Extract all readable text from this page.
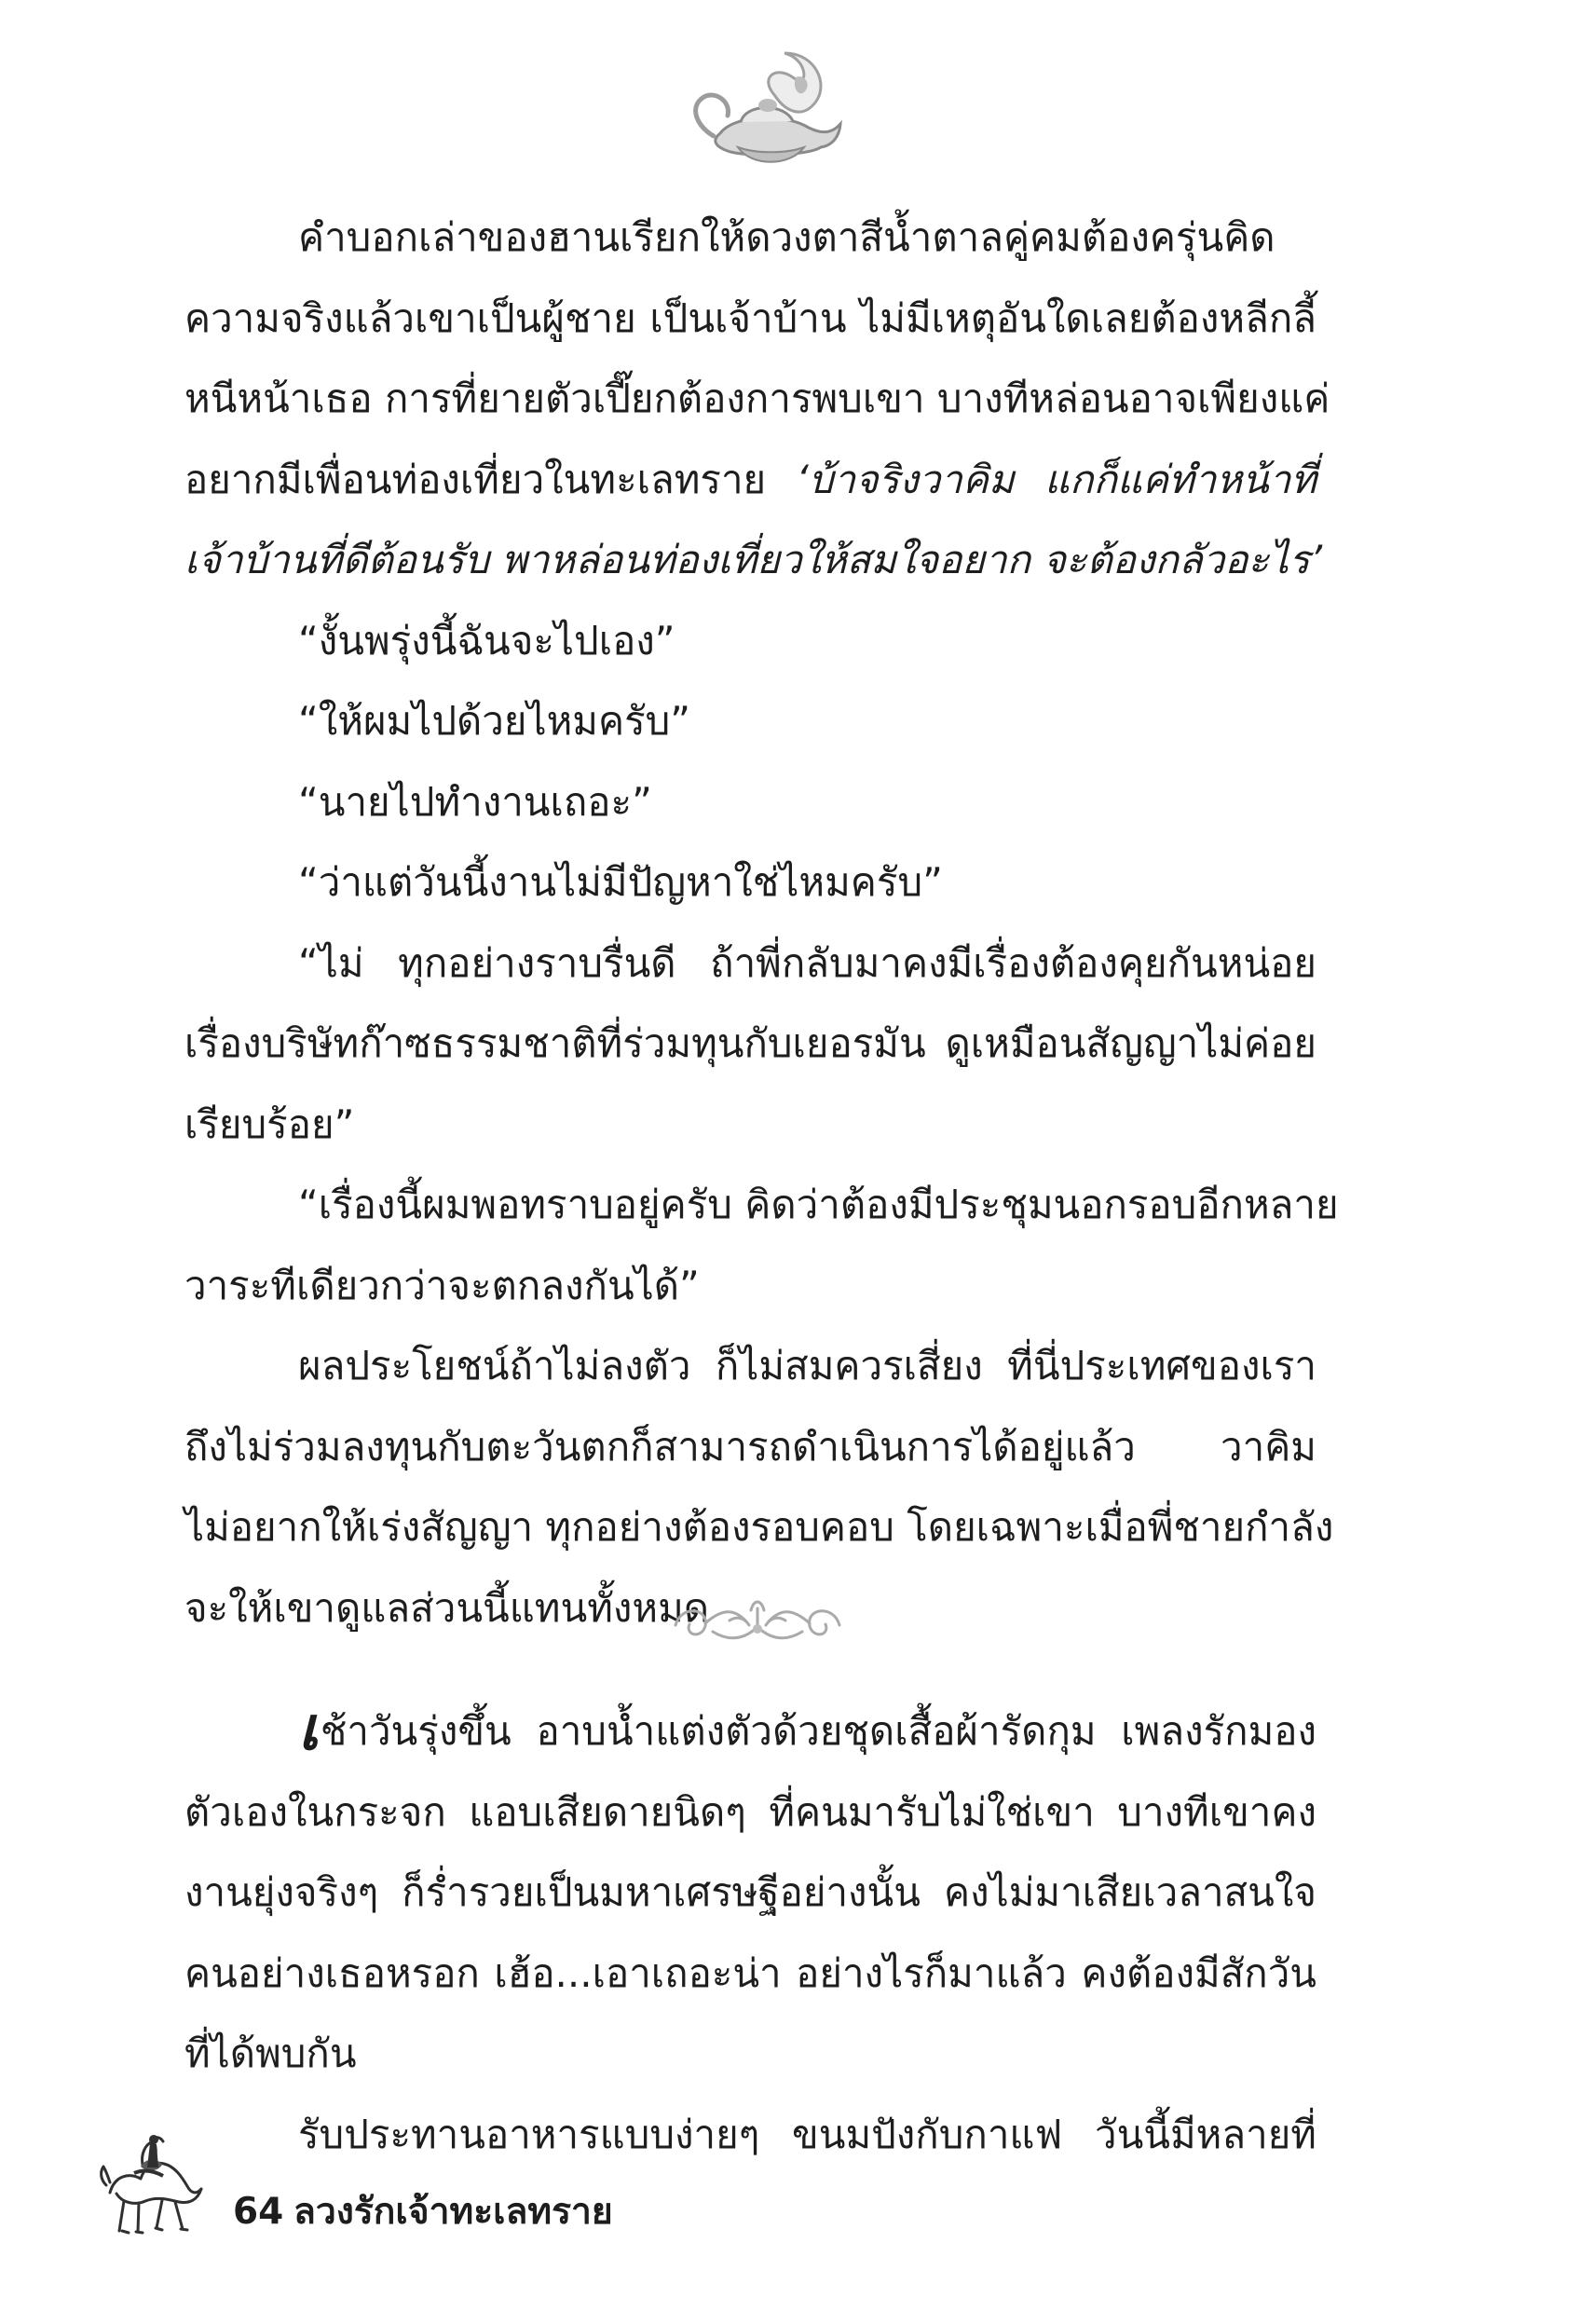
คำบอกเล่าของฮานเรียกให้ดวงตาสีน้ำตาลคู่คมต้องครุ่นคิด
ความจริงแล้วเขาเป็นผู้ชาย เป็นเจ้าบ้าน ไม่มีเหตุอันใดเลยต้องหลีกลี้
หนีหน้าเธอ การที่ยายตัวเปี๊ยกต้องการพบเขา บางทีหล่อนอาจเพียงแค่
อยากมีเพื่อนท่องเที่ยวในทะเลทราย ‘บ้าจริงวาคิม แกก็แค่ทำหน้าที่
เจ้าบ้านที่ดีต้อนรับ พาหล่อนท่องเที่ยวให้สมใจอยาก จะต้องกลัวอะไร’
“งั้นพรุ่งนี้ฉันจะไปเอง”
“ให้ผมไปด้วยไหมครับ”
“นายไปทำงานเถอะ”
“ว่าแต่วันนี้งานไม่มีปัญหาใช่ไหมครับ”
“ไม่ ทุกอย่างราบรื่นดี ถ้าพี่กลับมาคงมีเรื่องต้องคุยกันหน่อย
เรื่องบริษัทก๊าซธรรมชาติที่ร่วมทุนกับเยอรมัน ดูเหมือนสัญญาไม่ค่อย
เรียบร้อย”
“เรื่องนี้ผมพอทราบอยู่ครับ คิดว่าต้องมีประชุมนอกรอบอีกหลาย
วาระทีเดียวกว่าจะตกลงกันได้”
ผลประโยชน์ถ้าไม่ลงตัว ก็ไม่สมควรเสี่ยง ที่นี่ประเทศของเรา
ถึงไม่ร่วมลงทุนกับตะวันตกก็สามารถดำเนินการได้อยู่แล้ว วาคิม
ไม่อยากให้เร่งสัญญา ทุกอย่างต้องรอบคอบ โดยเฉพาะเมื่อพี่ชายกำลัง
จะให้เขาดูแลส่วนนี้แทนทั้งหมด
เช้าวันรุ่งขึ้น อาบน้ำแต่งตัวด้วยชุดเสื้อผ้ารัดกุม เพลงรักมอง
ตัวเองในกระจก แอบเสียดายนิดๆ ที่คนมารับไม่ใช่เขา บางทีเขาคง
งานยุ่งจริงๆ ก็ร่ำรวยเป็นมหาเศรษฐีอย่างนั้น คงไม่มาเสียเวลาสนใจ
คนอย่างเธอหรอก เฮ้อ...เอาเถอะน่า อย่างไรก็มาแล้ว คงต้องมีสักวัน
ที่ได้พบกัน
รับประทานอาหารแบบง่ายๆ ขนมปังกับกาแฟ วันนี้มีหลายที่
64 ลวงรักเจ้าทะเลทราย
